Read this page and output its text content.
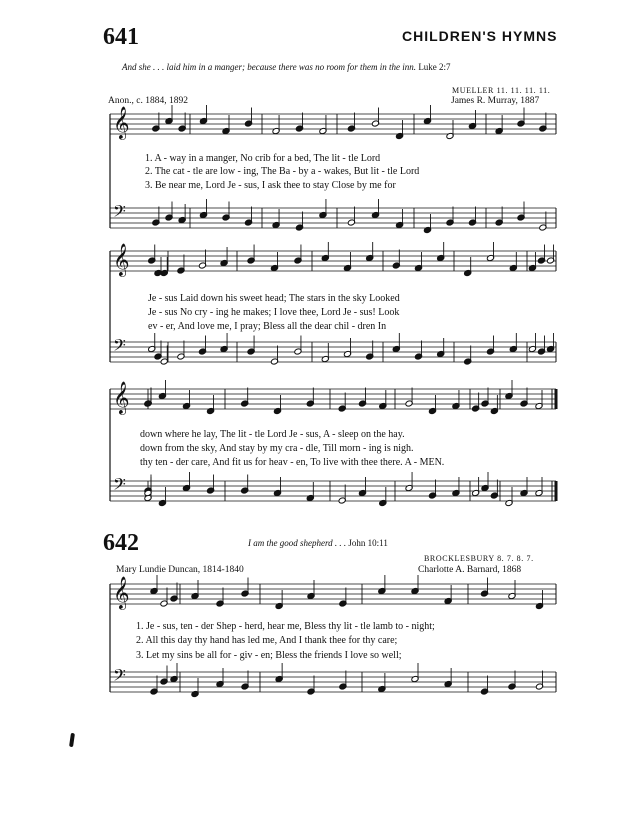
641	CHILDREN'S HYMNS
And she . . . laid him in a manger; because there was no room for them in the inn. Luke 2:7
MUELLER 11. 11. 11. 11.
Anon., c. 1884, 1892	James R. Murray, 1887
1. A - way in a manger, No crib for a bed, The lit - tle Lord
2. The cat - tle are low - ing, The Ba - by a - wakes, But lit - tle Lord
3. Be near me, Lord Je - sus, I ask thee to stay Close by me for
Je - sus Laid down his sweet head; The stars in the sky Looked
Je - sus No cry - ing he makes; I love thee, Lord Je - sus! Look
ev - er, And love me, I pray; Bless all the dear chil - dren In
down where he lay, The lit - tle Lord Je - sus, A - sleep on the hay.
down from the sky, And stay by my cra - dle, Till morn - ing is nigh.
thy ten - der care, And fit us for heav - en, To live with thee there. A - MEN.
642	I am the good shepherd . . . John 10:11
BROCKLESBURY 8. 7. 8. 7.
Mary Lundie Duncan, 1814-1840	Charlotte A. Barnard, 1868
1. Je - sus, ten - der Shep - herd, hear me, Bless thy lit - tle lamb to - night;
2. All this day thy hand has led me, And I thank thee for thy care;
3. Let my sins be all for - giv - en; Bless the friends I love so well;
𝄞
𝄢
𝄞
𝄢
𝄞
𝄢
𝄞
𝄢
